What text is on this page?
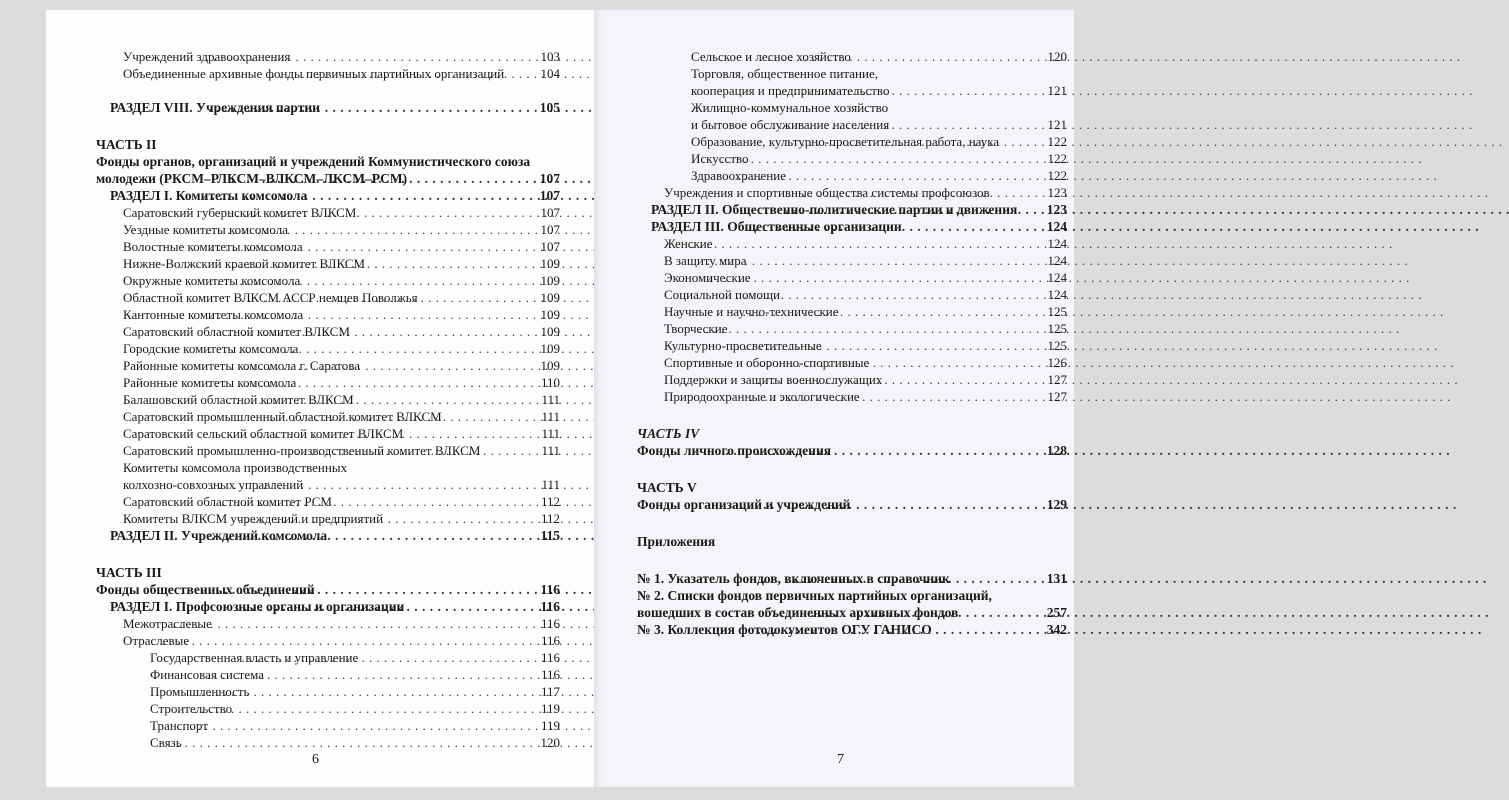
Учреждений здравоохранения . . .	103
Объединенные архивные фонды первичных партийных организаций . . .	104
РАЗДЕЛ VIII. Учреждения партии . . .	105
ЧАСТЬ II
Фонды органов, организаций и учреждений Коммунистического союза
молодежи (РКСМ–РЛКСМ–ВЛКСМ–ЛКСМ–РСМ) . . .	107
РАЗДЕЛ I. Комитеты комсомола . . .	107
Саратовский губернский комитет ВЛКСМ . . .	107
Уездные комитеты комсомола . . .	107
Волостные комитеты комсомола . . .	107
Нижне-Волжский краевой комитет ВЛКСМ . . .	109
Окружные комитеты комсомола . . .	109
Областной комитет ВЛКСМ АССР немцев Поволжья . . .	109
Кантонные комитеты комсомола . . .	109
Саратовский областной комитет ВЛКСМ . . .	109
Городские комитеты комсомола . . .	109
Районные комитеты комсомола г. Саратова . . .	109
Районные комитеты комсомола . . .	110
Балашовский областной комитет ВЛКСМ . . .	111
Саратовский промышленный областной комитет ВЛКСМ . . .	111
Саратовский сельский областной комитет ВЛКСМ . . .	111
Саратовский промышленно-производственный комитет ВЛКСМ . . .	111
Комитеты комсомола производственных
колхозно-совхозных управлений . . .	111
Саратовский областной комитет РСМ . . .	112
Комитеты ВЛКСМ учреждений и предприятий . . .	112
РАЗДЕЛ II. Учреждений комсомола . . .	115
ЧАСТЬ III
Фонды общественных объединений . . .	116
РАЗДЕЛ I. Профсоюзные органы и организации . . .	116
Межотраслевые . . .	116
Отраслевые . . .	116
Государственная власть и управление . . .	116
Финансовая система . . .	116
Промышленность . . .	117
Строительство . . .	119
Транспорт . . .	119
Связь . . .	120
6
Сельское и лесное хозяйство . . .	120
Торговля, общественное питание,
кооперация и предпринимательство . . .	121
Жилищно-коммунальное хозяйство
и бытовое обслуживание населения . . .	121
Образование, культурно-просветительная работа, наука . . .	122
Искусство . . .	122
Здравоохранение . . .	122
Учреждения и спортивные общества системы профсоюзов . . .	123
РАЗДЕЛ II. Общественно-политические партии и движения . . . 123
РАЗДЕЛ III. Общественные организации . . .	124
Женские . . .	124
В защиту мира . . .	124
Экономические . . .	124
Социальной помощи . . .	124
Научные и научно-технические . . .	125
Творческие . . .	125
Культурно-просветительные . . .	125
Спортивные и оборонно-спортивные . . .	126
Поддержки и защиты военнослужащих . . .	127
Природоохранные и экологические . . .	127
ЧАСТЬ IV
Фонды личного происхождения . . .	128
ЧАСТЬ V
Фонды организаций и учреждений . . .	129
Приложения
№ 1. Указатель фондов, включенных в справочник . . .	131
№ 2. Списки фондов первичных партийных организаций,
вошедших в состав объединенных архивных фондов . . .	257
№ 3. Коллекция фотодокументов ОГУ ГАНИСО . . .	342
7
